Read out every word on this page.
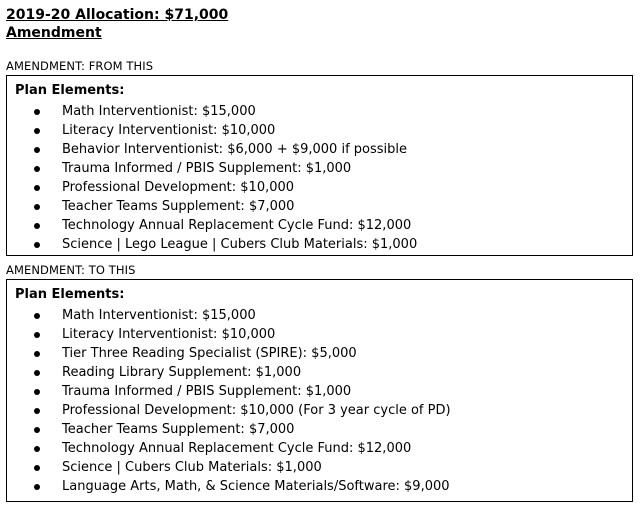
2019-20 Allocation: $71,000
Amendment
AMENDMENT: FROM THIS
Plan Elements:
Math Interventionist: $15,000
Literacy Interventionist: $10,000
Behavior Interventionist: $6,000 + $9,000 if possible
Trauma Informed / PBIS Supplement: $1,000
Professional Development: $10,000
Teacher Teams Supplement: $7,000
Technology Annual Replacement Cycle Fund: $12,000
Science | Lego League | Cubers Club Materials: $1,000
AMENDMENT: TO THIS
Plan Elements:
Math Interventionist: $15,000
Literacy Interventionist: $10,000
Tier Three Reading Specialist (SPIRE): $5,000
Reading Library Supplement: $1,000
Trauma Informed / PBIS Supplement: $1,000
Professional Development: $10,000 (For 3 year cycle of PD)
Teacher Teams Supplement: $7,000
Technology Annual Replacement Cycle Fund: $12,000
Science | Cubers Club Materials: $1,000
Language Arts, Math, & Science Materials/Software: $9,000
